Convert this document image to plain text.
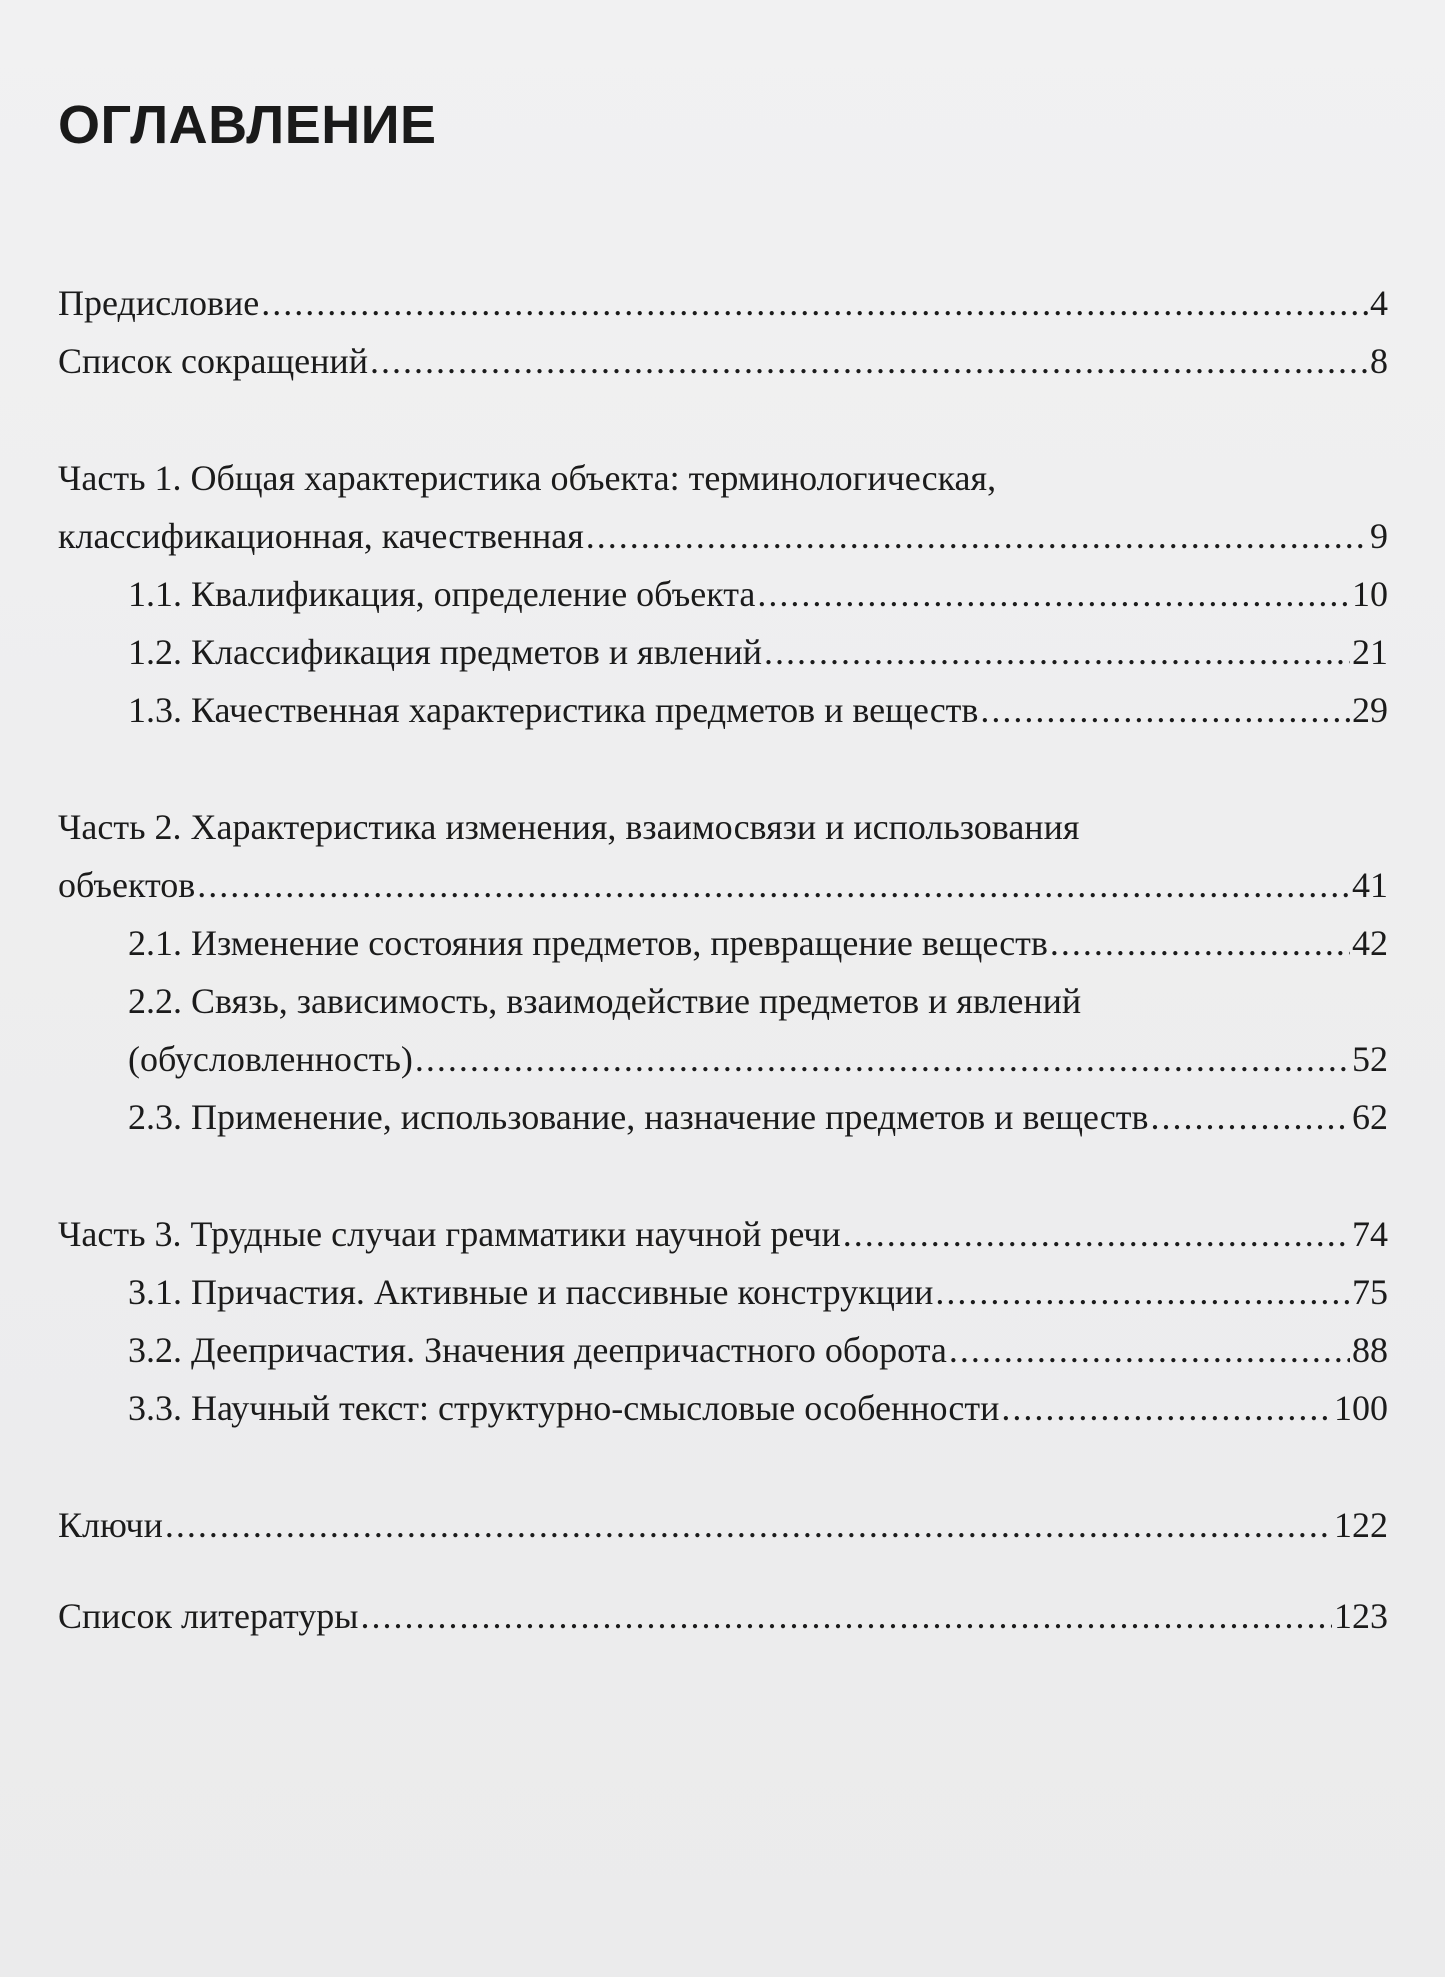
ОГЛАВЛЕНИЕ
Предисловие .....	4
Список сокращений .....	8
Часть 1. Общая характеристика объекта: терминологическая,
классификационная, качественная .....	9
1.1. Квалификация, определение объекта .....	10
1.2. Классификация предметов и явлений .....	21
1.3. Качественная характеристика предметов и веществ .....	29
Часть 2. Характеристика изменения, взаимосвязи и использования
объектов .....	41
2.1. Изменение состояния предметов, превращение веществ .....	42
2.2. Связь, зависимость, взаимодействие предметов и явлений
(обусловленность) .....	52
2.3. Применение, использование, назначение предметов и веществ .....	62
Часть 3. Трудные случаи грамматики научной речи .....	74
3.1. Причастия. Активные и пассивные конструкции .....	75
3.2. Деепричастия. Значения деепричастного оборота .....	88
3.3. Научный текст: структурно-смысловые особенности .....	100
Ключи .....	122
Список литературы .....	123
